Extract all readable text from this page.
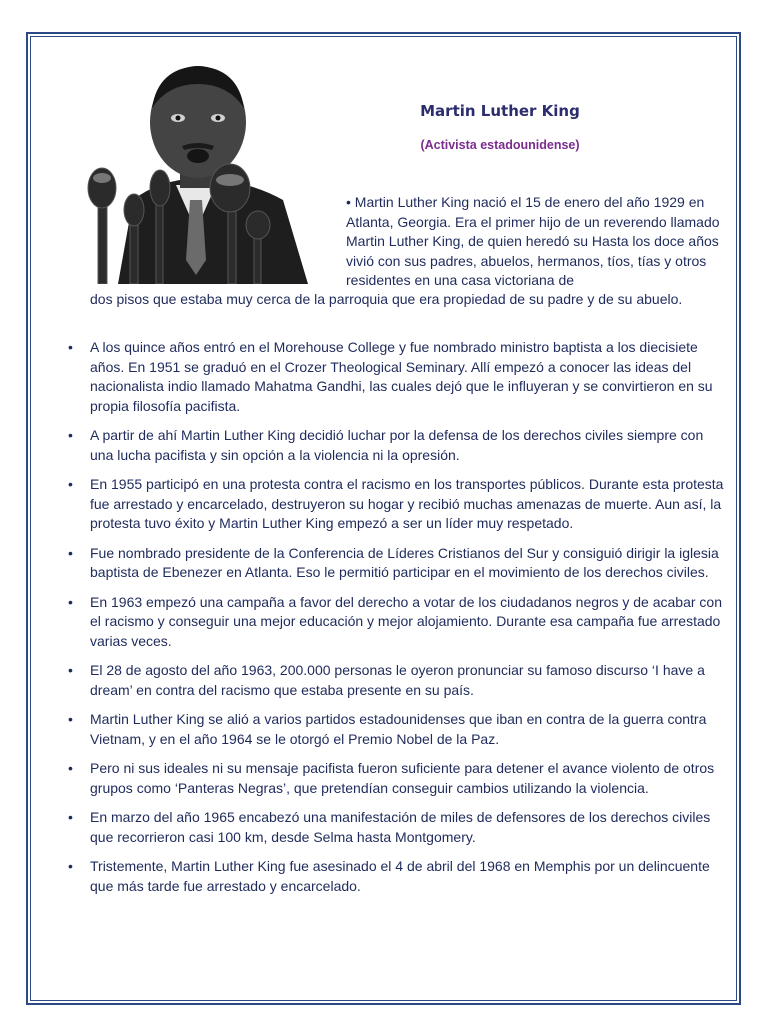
Martin Luther King
(Activista estadounidense)
• Martin Luther King nació el 15 de enero del año 1929 en Atlanta, Georgia. Era el primer hijo de un reverendo llamado Martin Luther King, de quien heredó su Hasta los doce años vivió con sus padres, abuelos, hermanos, tíos, tías y otros residentes en una casa victoriana de
dos pisos que estaba muy cerca de la parroquia que era propiedad de su padre y de su abuelo.
• A los quince años entró en el Morehouse College y fue nombrado ministro baptista a los diecisiete años. En 1951 se graduó en el Crozer Theological Seminary. Allí empezó a conocer las ideas del nacionalista indio llamado Mahatma Gandhi, las cuales dejó que le influyeran y se convirtieron en su propia filosofía pacifista.
• A partir de ahí Martin Luther King decidió luchar por la defensa de los derechos civiles siempre con una lucha pacifista y sin opción a la violencia ni la opresión.
• En 1955 participó en una protesta contra el racismo en los transportes públicos. Durante esta protesta fue arrestado y encarcelado, destruyeron su hogar y recibió muchas amenazas de muerte. Aun así, la protesta tuvo éxito y Martin Luther King empezó a ser un líder muy respetado.
• Fue nombrado presidente de la Conferencia de Líderes Cristianos del Sur y consiguió dirigir la iglesia baptista de Ebenezer en Atlanta. Eso le permitió participar en el movimiento de los derechos civiles.
• En 1963 empezó una campaña a favor del derecho a votar de los ciudadanos negros y de acabar con el racismo y conseguir una mejor educación y mejor alojamiento. Durante esa campaña fue arrestado varias veces.
• El 28 de agosto del año 1963, 200.000 personas le oyeron pronunciar su famoso discurso ‘I have a dream’ en contra del racismo que estaba presente en su país.
• Martin Luther King se alió a varios partidos estadounidenses que iban en contra de la guerra contra Vietnam, y en el año 1964 se le otorgó el Premio Nobel de la Paz.
• Pero ni sus ideales ni su mensaje pacifista fueron suficiente para detener el avance violento de otros grupos como ‘Panteras Negras’, que pretendían conseguir cambios utilizando la violencia.
• En marzo del año 1965 encabezó una manifestación de miles de defensores de los derechos civiles que recorrieron casi 100 km, desde Selma hasta Montgomery.
• Tristemente, Martin Luther King fue asesinado el 4 de abril del 1968 en Memphis por un delincuente que más tarde fue arrestado y encarcelado.
